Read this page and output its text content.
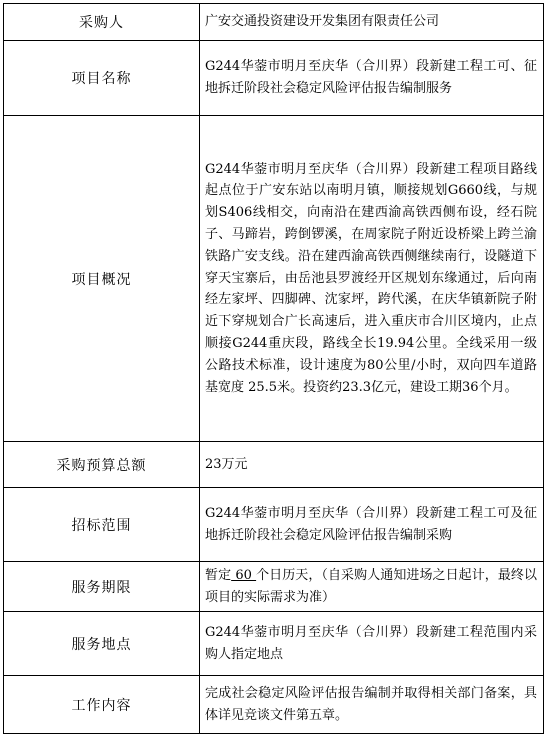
采购人	广安交通投资建设开发集团有限责任公司
项目名称	G244华蓥市明月至庆华（合川界）段新建工程工可、征地拆迁阶段社会稳定风险评估报告编制服务
项目概况	G244华蓥市明月至庆华（合川界）段新建工程项目路线起点位于广安东站以南明月镇，顺接规划G660线，与规划S406线相交，向南沿在建西渝高铁西侧布设，经石院子、马蹄岩，跨倒锣溪，在周家院子附近设桥梁上跨兰渝铁路广安支线。沿在建西渝高铁西侧继续南行，设隧道下穿天宝寨后，由岳池县罗渡经开区规划东缘通过，后向南经左家坪、四脚碑、沈家坪，跨代溪，在庆华镇新院子附近下穿规划合广长高速后，进入重庆市合川区境内，止点顺接G244重庆段，路线全长19.94公里。全线采用一级公路技术标准，设计速度为80公里/小时，双向四车道路基宽度 25.5米。投资约23.3亿元，建设工期36个月。
采购预算总额	23万元
招标范围	G244华蓥市明月至庆华（合川界）段新建工程工可及征地拆迁阶段社会稳定风险评估报告编制采购
服务期限	暂定 60 个日历天，（自采购人通知进场之日起计，最终以项目的实际需求为准）
服务地点	G244华蓥市明月至庆华（合川界）段新建工程范围内采购人指定地点
工作内容	完成社会稳定风险评估报告编制并取得相关部门备案，具体详见竞谈文件第五章。
